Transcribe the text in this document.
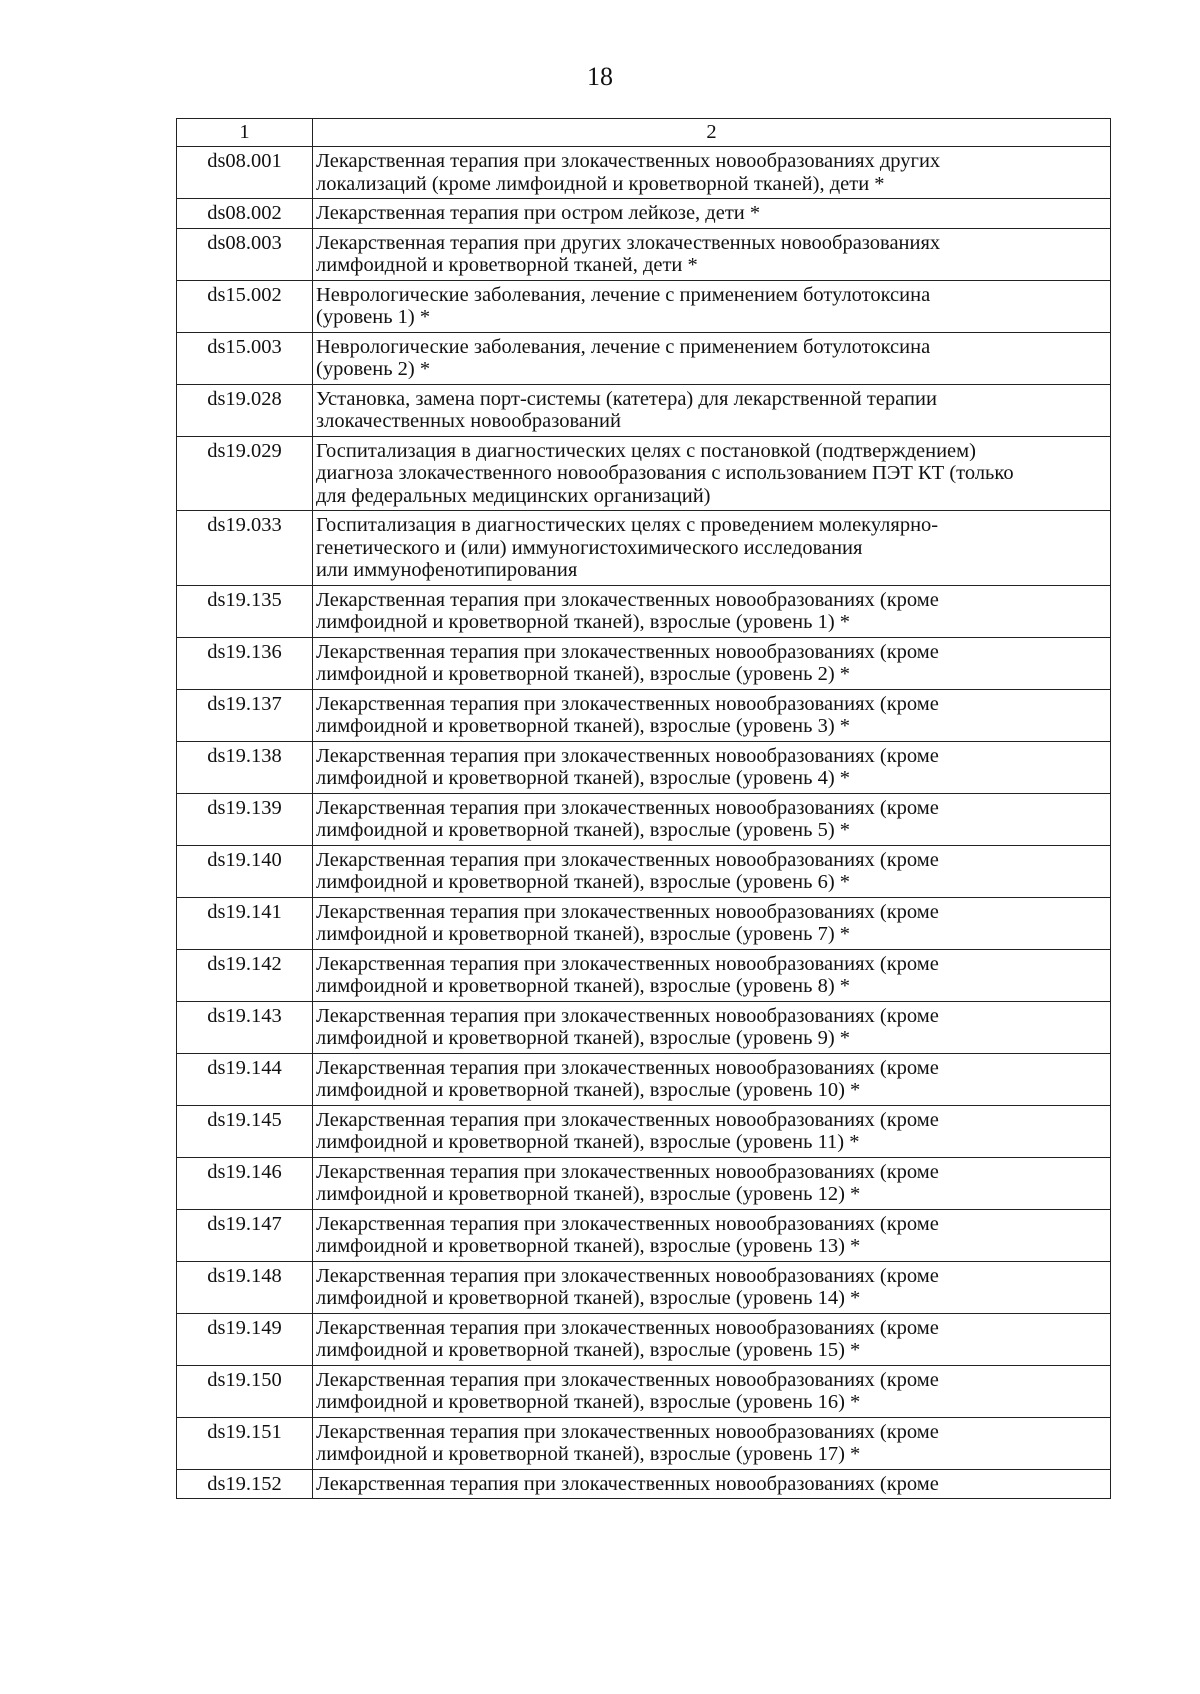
18
1	2
ds08.001	Лекарственная терапия при злокачественных новообразованиях других
локализаций (кроме лимфоидной и кроветворной тканей), дети *
ds08.002	Лекарственная терапия при остром лейкозе, дети *
ds08.003	Лекарственная терапия при других злокачественных новообразованиях
лимфоидной и кроветворной тканей, дети *
ds15.002	Неврологические заболевания, лечение с применением ботулотоксина
(уровень 1) *
ds15.003	Неврологические заболевания, лечение с применением ботулотоксина
(уровень 2) *
ds19.028	Установка, замена порт-системы (катетера) для лекарственной терапии
злокачественных новообразований
ds19.029	Госпитализация в диагностических целях с постановкой (подтверждением)
диагноза злокачественного новообразования с использованием ПЭТ КТ (только
для федеральных медицинских организаций)
ds19.033	Госпитализация в диагностических целях с проведением молекулярно-
генетического и (или) иммуногистохимического исследования
или иммунофенотипирования
ds19.135	Лекарственная терапия при злокачественных новообразованиях (кроме
лимфоидной и кроветворной тканей), взрослые (уровень 1) *
ds19.136	Лекарственная терапия при злокачественных новообразованиях (кроме
лимфоидной и кроветворной тканей), взрослые (уровень 2) *
ds19.137	Лекарственная терапия при злокачественных новообразованиях (кроме
лимфоидной и кроветворной тканей), взрослые (уровень 3) *
ds19.138	Лекарственная терапия при злокачественных новообразованиях (кроме
лимфоидной и кроветворной тканей), взрослые (уровень 4) *
ds19.139	Лекарственная терапия при злокачественных новообразованиях (кроме
лимфоидной и кроветворной тканей), взрослые (уровень 5) *
ds19.140	Лекарственная терапия при злокачественных новообразованиях (кроме
лимфоидной и кроветворной тканей), взрослые (уровень 6) *
ds19.141	Лекарственная терапия при злокачественных новообразованиях (кроме
лимфоидной и кроветворной тканей), взрослые (уровень 7) *
ds19.142	Лекарственная терапия при злокачественных новообразованиях (кроме
лимфоидной и кроветворной тканей), взрослые (уровень 8) *
ds19.143	Лекарственная терапия при злокачественных новообразованиях (кроме
лимфоидной и кроветворной тканей), взрослые (уровень 9) *
ds19.144	Лекарственная терапия при злокачественных новообразованиях (кроме
лимфоидной и кроветворной тканей), взрослые (уровень 10) *
ds19.145	Лекарственная терапия при злокачественных новообразованиях (кроме
лимфоидной и кроветворной тканей), взрослые (уровень 11) *
ds19.146	Лекарственная терапия при злокачественных новообразованиях (кроме
лимфоидной и кроветворной тканей), взрослые (уровень 12) *
ds19.147	Лекарственная терапия при злокачественных новообразованиях (кроме
лимфоидной и кроветворной тканей), взрослые (уровень 13) *
ds19.148	Лекарственная терапия при злокачественных новообразованиях (кроме
лимфоидной и кроветворной тканей), взрослые (уровень 14) *
ds19.149	Лекарственная терапия при злокачественных новообразованиях (кроме
лимфоидной и кроветворной тканей), взрослые (уровень 15) *
ds19.150	Лекарственная терапия при злокачественных новообразованиях (кроме
лимфоидной и кроветворной тканей), взрослые (уровень 16) *
ds19.151	Лекарственная терапия при злокачественных новообразованиях (кроме
лимфоидной и кроветворной тканей), взрослые (уровень 17) *
ds19.152	Лекарственная терапия при злокачественных новообразованиях (кроме
